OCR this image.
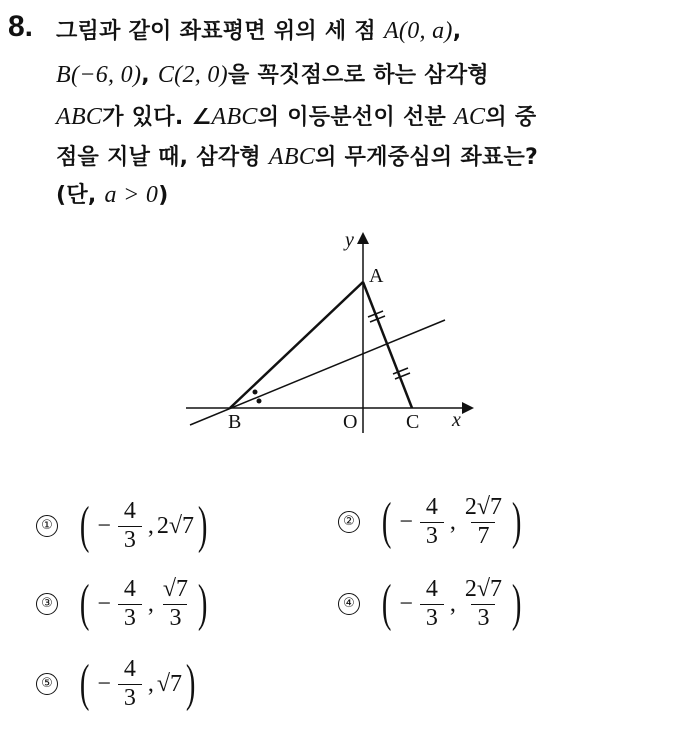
8. 그림과 같이 좌표평면 위의 세 점 A(0, a),
B(−6, 0), C(2, 0)을 꼭짓점으로 하는 삼각형
ABC가 있다. ∠ABC의 이등분선이 선분 AC의 중
점을 지날 때, 삼각형 ABC의 무게중심의 좌표는?
(단, a > 0)
y
x
A
B	C
O
① ( − $\frac{4}{3}$ , 2√7 )	② ( − $\frac{4}{3}$ , $\frac{2√7}{7}$ )
③ ( − $\frac{4}{3}$ , $\frac{√7}{3}$ )	④ ( − $\frac{4}{3}$ , $\frac{2√7}{3}$ )
⑤ ( − $\frac{4}{3}$ , √7 )
